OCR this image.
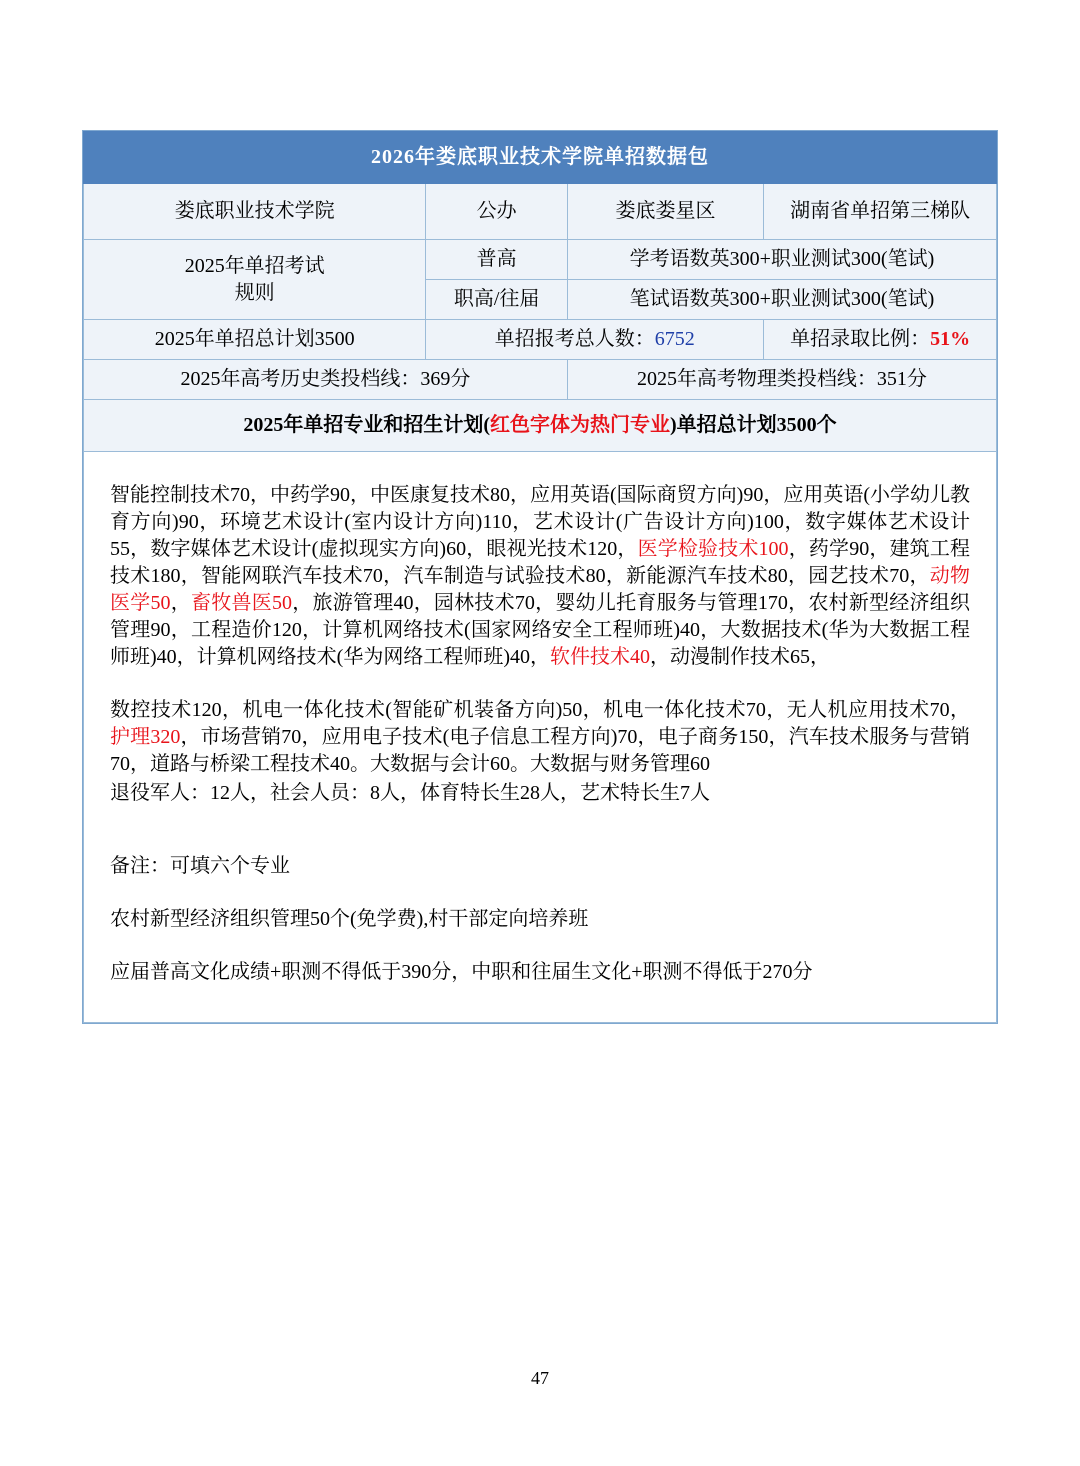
2026年娄底职业技术学院单招数据包			
娄底职业技术学院	公办	娄底娄星区	湖南省单招第三梯队

2025年单招考试
规则	普高	学考语数英300+职业测试300(笔试)	
	职高/往届	笔试语数英300+职业测试300(笔试)	
2025年单招总计划3500	单招报考总人数：6752		单招录取比例：51%
2025年高考历史类投档线：369分		2025年高考物理类投档线：351分	
2025年单招专业和招生计划(红色字体为热门专业)单招总计划3500个			

智能控制技术70，中药学90，中医康复技术80，应用英语(国际商贸方向)90，应用英语(小学幼儿教育方向)90，环境艺术设计(室内设计方向)110，艺术设计(广告设计方向)100，数字媒体艺术设计55，数字媒体艺术设计(虚拟现实方向)60，眼视光技术120，医学检验技术100，药学90，建筑工程技术180，智能网联汽车技术70，汽车制造与试验技术80，新能源汽车技术80，园艺技术70，动物医学50，畜牧兽医50，旅游管理40，园林技术70，婴幼儿托育服务与管理170，农村新型经济组织管理90，工程造价120，计算机网络技术(国家网络安全工程师班)40，大数据技术(华为大数据工程师班)40，计算机网络技术(华为网络工程师班)40，软件技术40，动漫制作技术65，

数控技术120，机电一体化技术(智能矿机装备方向)50，机电一体化技术70，无人机应用技术70，护理320，市场营销70，应用电子技术(电子信息工程方向)70，电子商务150，汽车技术服务与营销70，道路与桥梁工程技术40。大数据与会计60。大数据与财务管理60

退役军人：12人，社会人员：8人，体育特长生28人，艺术特长生7人

备注：可填六个专业

农村新型经济组织管理50个(免学费),村干部定向培养班

应届普高文化成绩+职测不得低于390分，中职和往届生文化+职测不得低于270分

47
